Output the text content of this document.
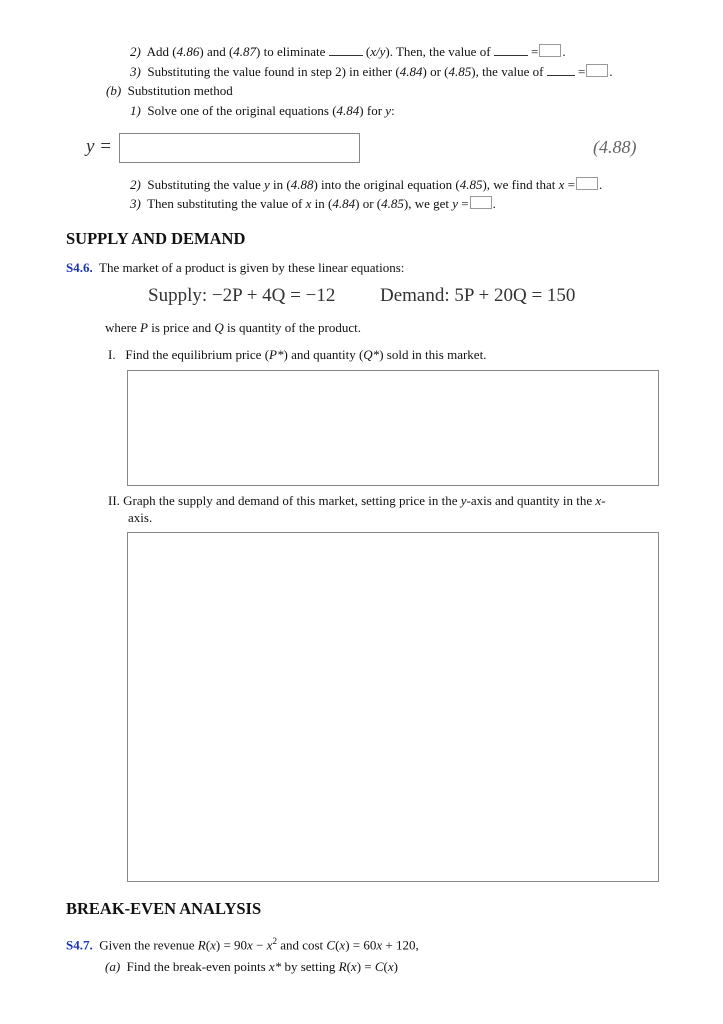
2) Add (4.86) and (4.87) to eliminate	(x/y). Then, the value of	= .
3) Substituting the value found in step 2) in either (4.84) or (4.85), the value of	= .
(b) Substitution method
1) Solve one of the original equations (4.84) for y:
y =	(4.88)
2) Substituting the value y in (4.88) into the original equation (4.85), we find that x = .
3) Then substituting the value of x in (4.84) or (4.85), we get y = .
SUPPLY AND DEMAND
S4.6. The market of a product is given by these linear equations:
Supply: −2P + 4Q = −12 Demand: 5P + 20Q = 150
where P is price and Q is quantity of the product.
I. Find the equilibrium price (P*) and quantity (Q*) sold in this market.
II. Graph the supply and demand of this market, setting price in the y-axis and quantity in the x-
axis.
BREAK-EVEN ANALYSIS
S4.7. Given the revenue $R(x) = 90x - x^2$ and cost C(x) = 60x + 120,
(a) Find the break-even points x* by setting R(x) = C(x)
